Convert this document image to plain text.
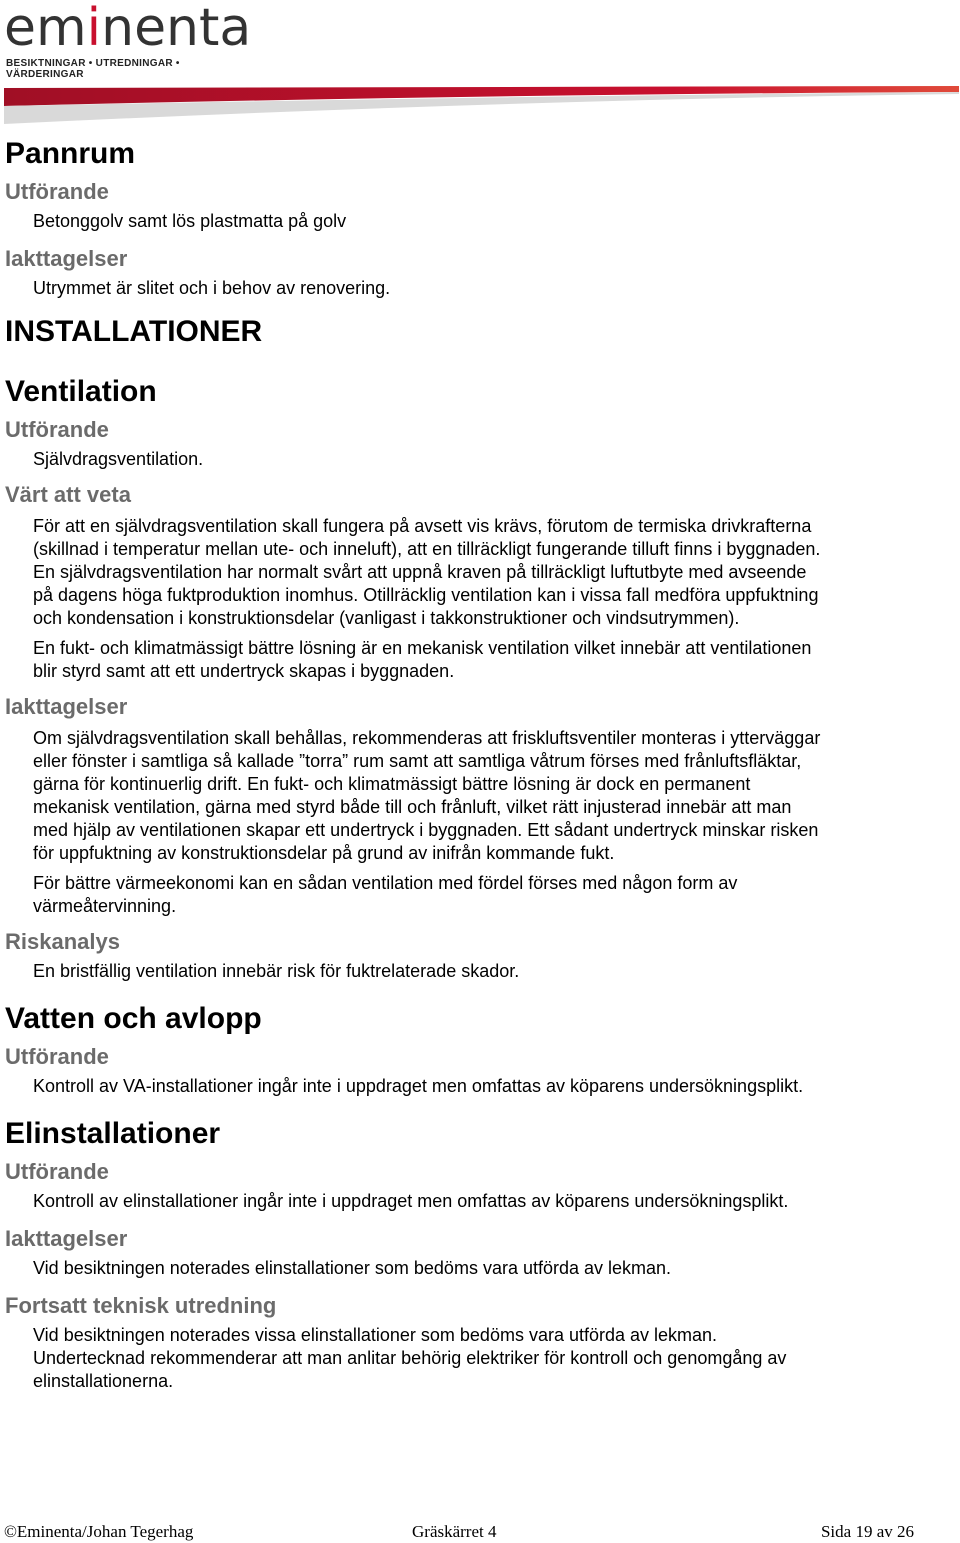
eminenta
BESIKTNINGAR • UTREDNINGAR • VÄRDERINGAR
Pannrum
Utförande

Betonggolv samt lös plastmatta på golv

Iakttagelser

Utrymmet är slitet och i behov av renovering.

INSTALLATIONER
Ventilation
Utförande

Självdragsventilation.

Värt att veta

För att en självdragsventilation skall fungera på avsett vis krävs, förutom de termiska drivkrafterna
(skillnad i temperatur mellan ute- och inneluft), att en tillräckligt fungerande tilluft finns i byggnaden.
En självdragsventilation har normalt svårt att uppnå kraven på tillräckligt luftutbyte med avseende
på dagens höga fuktproduktion inomhus. Otillräcklig ventilation kan i vissa fall medföra uppfuktning
och kondensation i konstruktionsdelar (vanligast i takkonstruktioner och vindsutrymmen).

En fukt- och klimatmässigt bättre lösning är en mekanisk ventilation vilket innebär att ventilationen
blir styrd samt att ett undertryck skapas i byggnaden.

Iakttagelser

Om självdragsventilation skall behållas, rekommenderas att friskluftsventiler monteras i ytterväggar
eller fönster i samtliga så kallade ”torra” rum samt att samtliga våtrum förses med frånluftsfläktar,
gärna för kontinuerlig drift. En fukt- och klimatmässigt bättre lösning är dock en permanent
mekanisk ventilation, gärna med styrd både till och frånluft, vilket rätt injusterad innebär att man
med hjälp av ventilationen skapar ett undertryck i byggnaden. Ett sådant undertryck minskar risken
för uppfuktning av konstruktionsdelar på grund av inifrån kommande fukt.

För bättre värmeekonomi kan en sådan ventilation med fördel förses med någon form av
värmeåtervinning.

Riskanalys

En bristfällig ventilation innebär risk för fuktrelaterade skador.

Vatten och avlopp
Utförande

Kontroll av VA-installationer ingår inte i uppdraget men omfattas av köparens undersökningsplikt.

Elinstallationer
Utförande

Kontroll av elinstallationer ingår inte i uppdraget men omfattas av köparens undersökningsplikt.

Iakttagelser

Vid besiktningen noterades elinstallationer som bedöms vara utförda av lekman.

Fortsatt teknisk utredning

Vid besiktningen noterades vissa elinstallationer som bedöms vara utförda av lekman.
Undertecknad rekommenderar att man anlitar behörig elektriker för kontroll och genomgång av
elinstallationerna.

©Eminenta/Johan Tegerhag	Gräskärret 4	Sida 19 av 26
